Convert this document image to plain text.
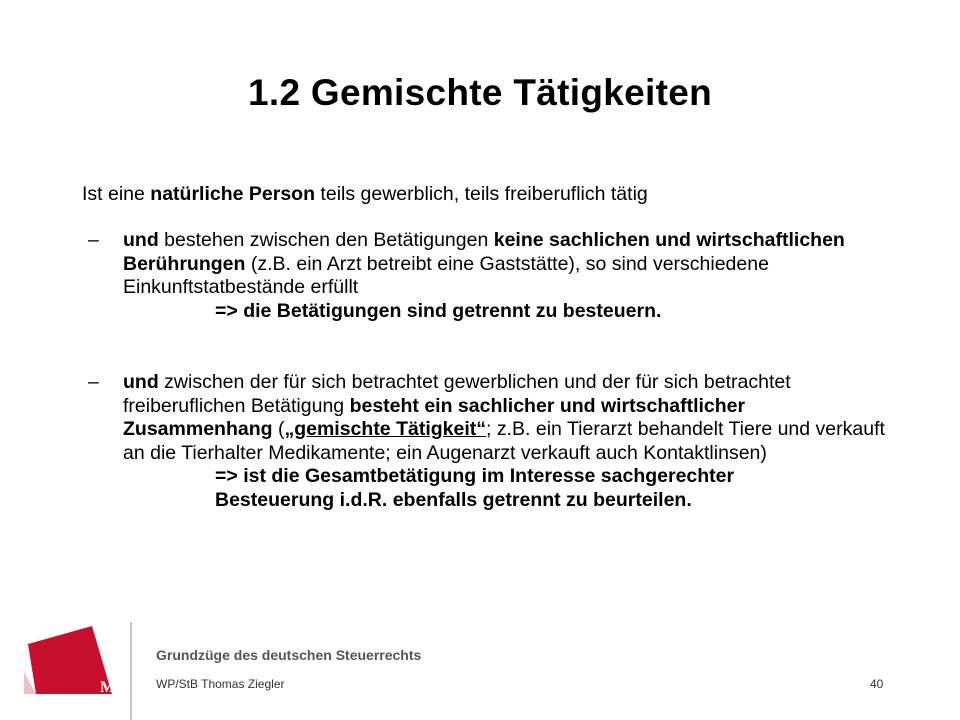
1.2 Gemischte Tätigkeiten
Ist eine natürliche Person teils gewerblich, teils freiberuflich tätig
– und bestehen zwischen den Betätigungen keine sachlichen und wirtschaftlichen Berührungen (z.B. ein Arzt betreibt eine Gaststätte), so sind verschiedene Einkunftstatbestände erfüllt
=> die Betätigungen sind getrennt zu besteuern.
– und zwischen der für sich betrachtet gewerblichen und der für sich betrachtet freiberuflichen Betätigung besteht ein sachlicher und wirtschaftlicher Zusammenhang („gemischte Tätigkeit“; z.B. ein Tierarzt behandelt Tiere und verkauft an die Tierhalter Medikamente; ein Augenarzt verkauft auch Kontaktlinsen)
=> ist die Gesamtbetätigung im Interesse sachgerechter
Besteuerung i.d.R. ebenfalls getrennt zu beurteilen.
M
Grundzüge des deutschen Steuerrechts
WP/StB Thomas Ziegler	40
